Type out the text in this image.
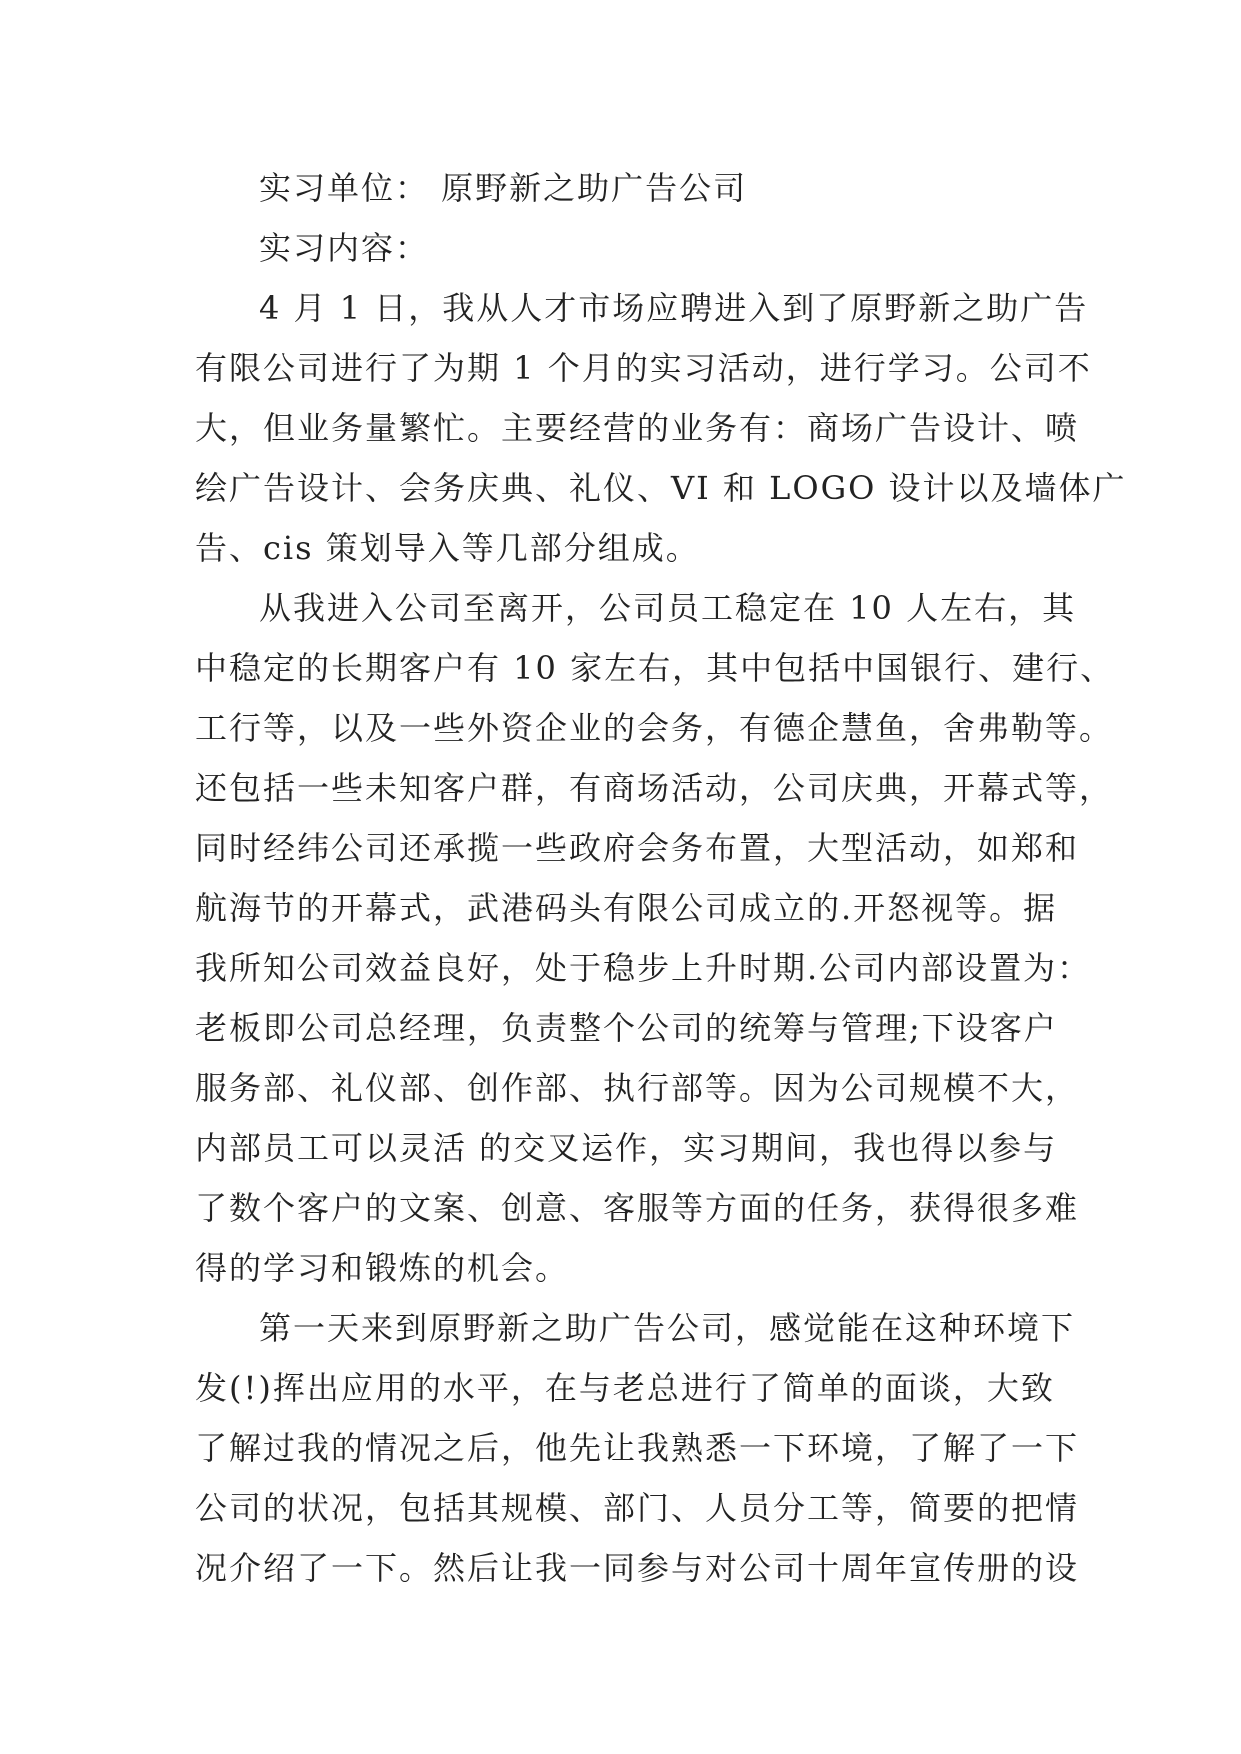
实习单位： 原野新之助广告公司
实习内容：
4 月 1 日，我从人才市场应聘进入到了原野新之助广告
有限公司进行了为期 1 个月的实习活动，进行学习。公司不
大，但业务量繁忙。主要经营的业务有：商场广告设计、喷
绘广告设计、会务庆典、礼仪、VI 和 LOGO 设计以及墙体广
告、cis 策划导入等几部分组成。
从我进入公司至离开，公司员工稳定在 10 人左右，其
中稳定的长期客户有 10 家左右，其中包括中国银行、建行、
工行等，以及一些外资企业的会务，有德企慧鱼，舍弗勒等。
还包括一些未知客户群，有商场活动，公司庆典，开幕式等，
同时经纬公司还承揽一些政府会务布置，大型活动，如郑和
航海节的开幕式，武港码头有限公司成立的.开怒视等。据
我所知公司效益良好，处于稳步上升时期.公司内部设置为：
老板即公司总经理，负责整个公司的统筹与管理;下设客户
服务部、礼仪部、创作部、执行部等。因为公司规模不大，
内部员工可以灵活 的交叉运作，实习期间，我也得以参与
了数个客户的文案、创意、客服等方面的任务，获得很多难
得的学习和锻炼的机会。
第一天来到原野新之助广告公司，感觉能在这种环境下
发(!)挥出应用的水平，在与老总进行了简单的面谈，大致
了解过我的情况之后，他先让我熟悉一下环境，了解了一下
公司的状况，包括其规模、部门、人员分工等，简要的把情
况介绍了一下。然后让我一同参与对公司十周年宣传册的设
